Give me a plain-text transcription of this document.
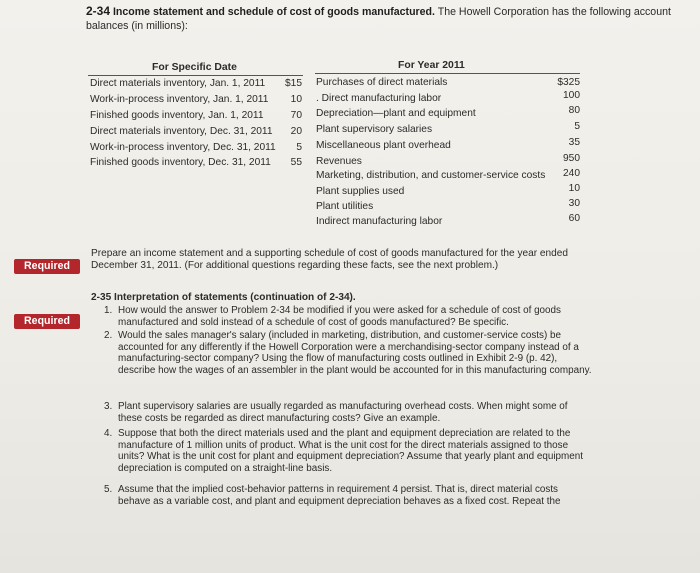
2-34 Income statement and schedule of cost of goods manufactured. The Howell Corporation has the following account balances (in millions):
For Specific Date	For Year 2011
Direct materials inventory, Jan. 1, 2011	$15
Work-in-process inventory, Jan. 1, 2011	10
Finished goods inventory, Jan. 1, 2011	70
Direct materials inventory, Dec. 31, 2011	20
Work-in-process inventory, Dec. 31, 2011	5
Finished goods inventory, Dec. 31, 2011	55
Purchases of direct materials	$325
. Direct manufacturing labor	100
Depreciation—plant and equipment	80
Plant supervisory salaries	5
Miscellaneous plant overhead	35
Revenues	950
Marketing, distribution, and customer-service costs	240
Plant supplies used	10
Plant utilities	30
Indirect manufacturing labor	60
Required
Prepare an income statement and a supporting schedule of cost of goods manufactured for the year ended December 31, 2011. (For additional questions regarding these facts, see the next problem.)
2-35 Interpretation of statements (continuation of 2-34).
Required
1. How would the answer to Problem 2-34 be modified if you were asked for a schedule of cost of goods manufactured and sold instead of a schedule of cost of goods manufactured? Be specific.
2. Would the sales manager's salary (included in marketing, distribution, and customer-service costs) be accounted for any differently if the Howell Corporation were a merchandising-sector company instead of a manufacturing-sector company? Using the flow of manufacturing costs outlined in Exhibit 2-9 (p. 42), describe how the wages of an assembler in the plant would be accounted for in this manufacturing company.
3. Plant supervisory salaries are usually regarded as manufacturing overhead costs. When might some of these costs be regarded as direct manufacturing costs? Give an example.
4. Suppose that both the direct materials used and the plant and equipment depreciation are related to the manufacture of 1 million units of product. What is the unit cost for the direct materials assigned to those units? What is the unit cost for plant and equipment depreciation? Assume that yearly plant and equipment depreciation is computed on a straight-line basis.
5. Assume that the implied cost-behavior patterns in requirement 4 persist. That is, direct material costs behave as a variable cost, and plant and equipment depreciation behaves as a fixed cost. Repeat the
